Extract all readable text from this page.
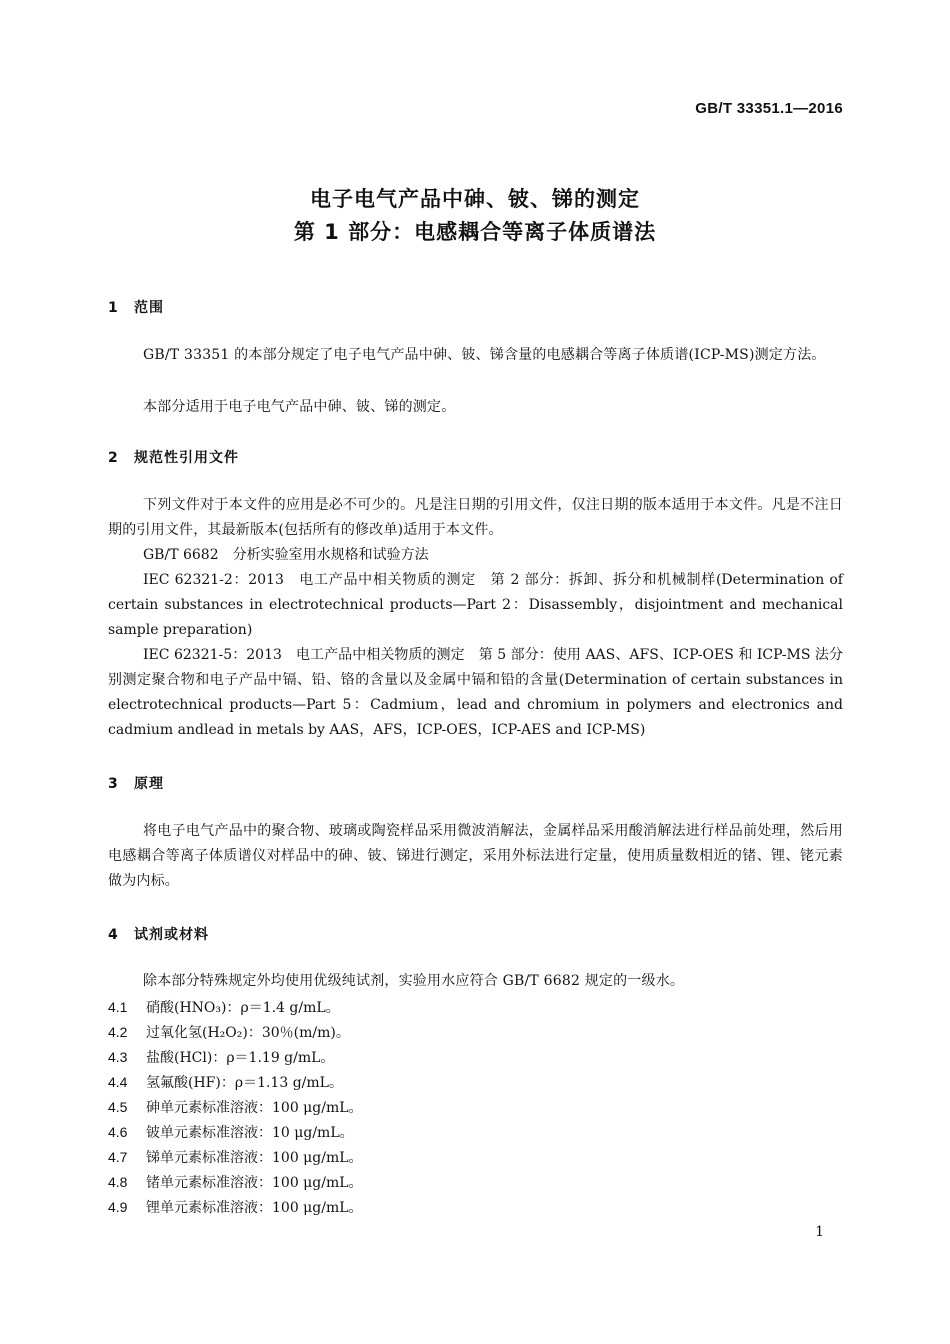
GB/T 33351.1—2016
电子电气产品中砷、铍、锑的测定
第 1 部分：电感耦合等离子体质谱法
1 范围
GB/T 33351 的本部分规定了电子电气产品中砷、铍、锑含量的电感耦合等离子体质谱(ICP-MS)测定方法。
本部分适用于电子电气产品中砷、铍、锑的测定。
2 规范性引用文件
下列文件对于本文件的应用是必不可少的。凡是注日期的引用文件，仅注日期的版本适用于本文件。凡是不注日期的引用文件，其最新版本(包括所有的修改单)适用于本文件。
GB/T 6682　分析实验室用水规格和试验方法
IEC 62321-2：2013　电工产品中相关物质的测定　第 2 部分：拆卸、拆分和机械制样(Determination of certain substances in electrotechnical products—Part 2：Disassembly，disjointment and mechanical sample preparation)
IEC 62321-5：2013　电工产品中相关物质的测定　第 5 部分：使用 AAS、AFS、ICP-OES 和 ICP-MS 法分别测定聚合物和电子产品中镉、铅、铬的含量以及金属中镉和铅的含量(Determination of certain substances in electrotechnical products—Part 5：Cadmium，lead and chromium in polymers and electronics and cadmium andlead in metals by AAS，AFS，ICP-OES，ICP-AES and ICP-MS)
3 原理
将电子电气产品中的聚合物、玻璃或陶瓷样品采用微波消解法，金属样品采用酸消解法进行样品前处理，然后用电感耦合等离子体质谱仪对样品中的砷、铍、锑进行测定，采用外标法进行定量，使用质量数相近的锗、锂、铑元素做为内标。
4 试剂或材料
除本部分特殊规定外均使用优级纯试剂，实验用水应符合 GB/T 6682 规定的一级水。
4.1 硝酸(HNO₃)：ρ＝1.4 g/mL。
4.2 过氧化氢(H₂O₂)：30％(m/m)。
4.3 盐酸(HCl)：ρ＝1.19 g/mL。
4.4 氢氟酸(HF)：ρ＝1.13 g/mL。
4.5 砷单元素标准溶液：100 μg/mL。
4.6 铍单元素标准溶液：10 μg/mL。
4.7 锑单元素标准溶液：100 μg/mL。
4.8 锗单元素标准溶液：100 μg/mL。
4.9 锂单元素标准溶液：100 μg/mL。
1
